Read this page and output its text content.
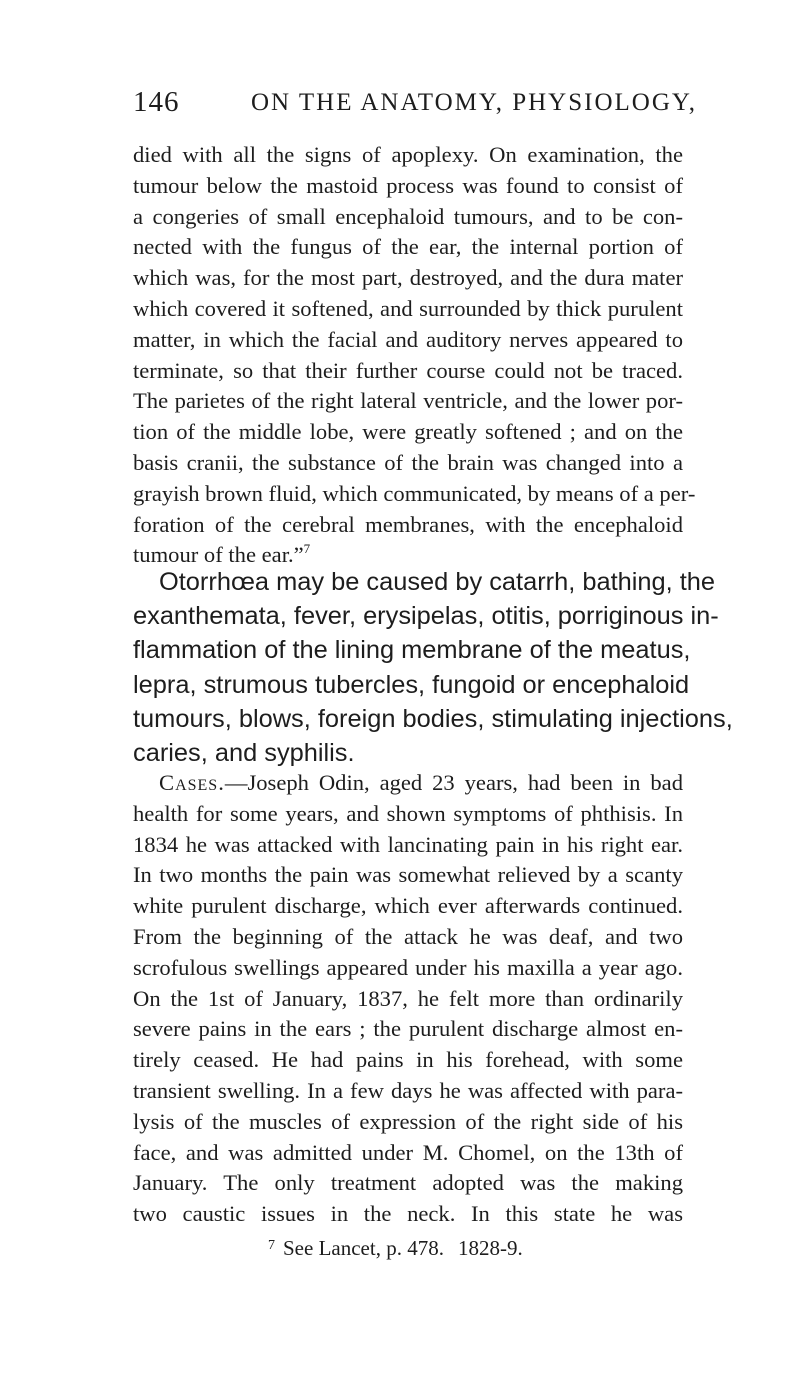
146	ON THE ANATOMY, PHYSIOLOGY,

died with all the signs of apoplexy. On examination, the
tumour below the mastoid process was found to consist of
a congeries of small encephaloid tumours, and to be con-
nected with the fungus of the ear, the internal portion of
which was, for the most part, destroyed, and the dura mater
which covered it softened, and surrounded by thick purulent
matter, in which the facial and auditory nerves appeared to
terminate, so that their further course could not be traced.
The parietes of the right lateral ventricle, and the lower por-
tion of the middle lobe, were greatly softened ; and on the
basis cranii, the substance of the brain was changed into a
grayish brown fluid, which communicated, by means of a per-
foration of the cerebral membranes, with the encephaloid
tumour of the ear.”$^7$

Otorrhœa may be caused by catarrh, bathing, the
exanthemata, fever, erysipelas, otitis, porriginous in-
flammation of the lining membrane of the meatus,
lepra, strumous tubercles, fungoid or encephaloid
tumours, blows, foreign bodies, stimulating injections,
caries, and syphilis.

Cases.—Joseph Odin, aged 23 years, had been in bad
health for some years, and shown symptoms of phthisis. In
1834 he was attacked with lancinating pain in his right ear.
In two months the pain was somewhat relieved by a scanty
white purulent discharge, which ever afterwards continued.
From the beginning of the attack he was deaf, and two
scrofulous swellings appeared under his maxilla a year ago.
On the 1st of January, 1837, he felt more than ordinarily
severe pains in the ears ; the purulent discharge almost en-
tirely ceased. He had pains in his forehead, with some
transient swelling. In a few days he was affected with para-
lysis of the muscles of expression of the right side of his
face, and was admitted under M. Chomel, on the 13th of
January. The only treatment adopted was the making
two caustic issues in the neck. In this state he was

$^7$ See Lancet, p. 478. 1828-9.
